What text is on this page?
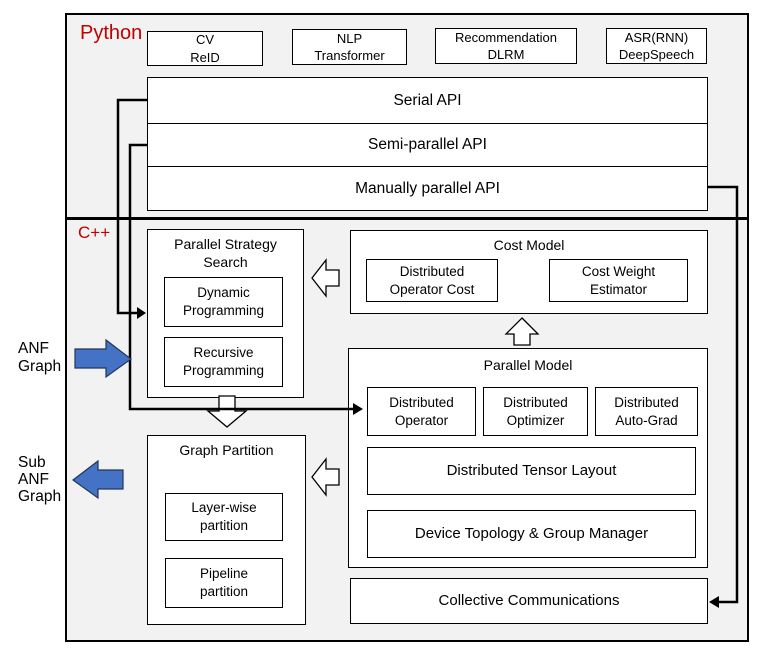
Python
C++
CV
ReID
NLP
Transformer
Recommendation
DLRM
ASR(RNN)
DeepSpeech
Serial API
Semi-parallel API
Manually parallel API
Parallel Strategy Search
Dynamic Programming
Recursive Programming
Cost Model
Distributed Operator Cost
Cost Weight Estimator
Parallel Model
Distributed Operator
Distributed Optimizer
Distributed Auto-Grad
Distributed Tensor Layout
Device Topology & Group Manager
Graph Partition
Layer-wise partition
Pipeline partition
Collective Communications
ANF
Graph
Sub
ANF
Graph
